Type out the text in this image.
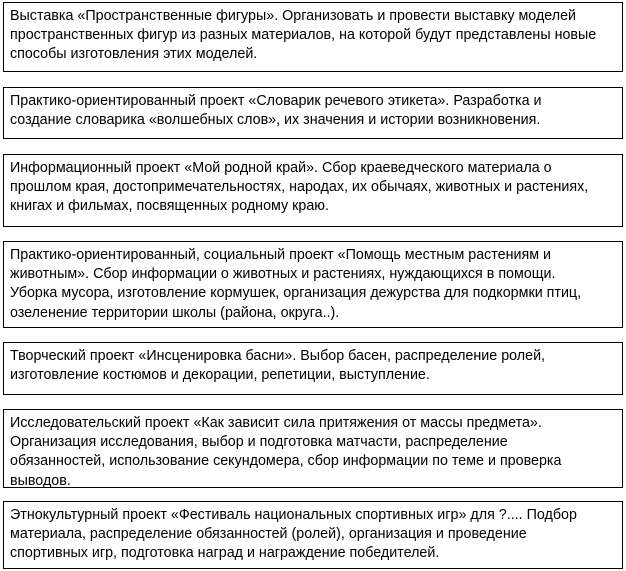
Выставка «Пространственные фигуры». Организовать и провести выставку моделей
пространственных фигур из разных материалов, на которой будут представлены новые
способы изготовления этих моделей.
Практико-ориентированный проект «Словарик речевого этикета». Разработка и
создание словарика «волшебных слов», их значения и истории возникновения.
Информационный проект «Мой родной край». Сбор краеведческого материала о
прошлом края, достопримечательностях, народах, их обычаях, животных и растениях,
книгах и фильмах, посвященных родному краю.
Практико-ориентированный, социальный проект «Помощь местным растениям и
животным». Сбор информации о животных и растениях, нуждающихся в помощи.
Уборка мусора, изготовление кормушек, организация дежурства для подкормки птиц,
озеленение территории школы (района, округа..).
Творческий проект «Инсценировка басни». Выбор басен, распределение ролей,
изготовление костюмов и декорации, репетиции, выступление.
Исследовательский проект «Как зависит сила притяжения от массы предмета».
Организация исследования, выбор и подготовка матчасти, распределение
обязанностей, использование секундомера, сбор информации по теме и проверка
выводов.
Этнокультурный проект «Фестиваль национальных спортивных игр» для ?.... Подбор
материала, распределение обязанностей (ролей), организация и проведение
спортивных игр, подготовка наград и награждение победителей.
